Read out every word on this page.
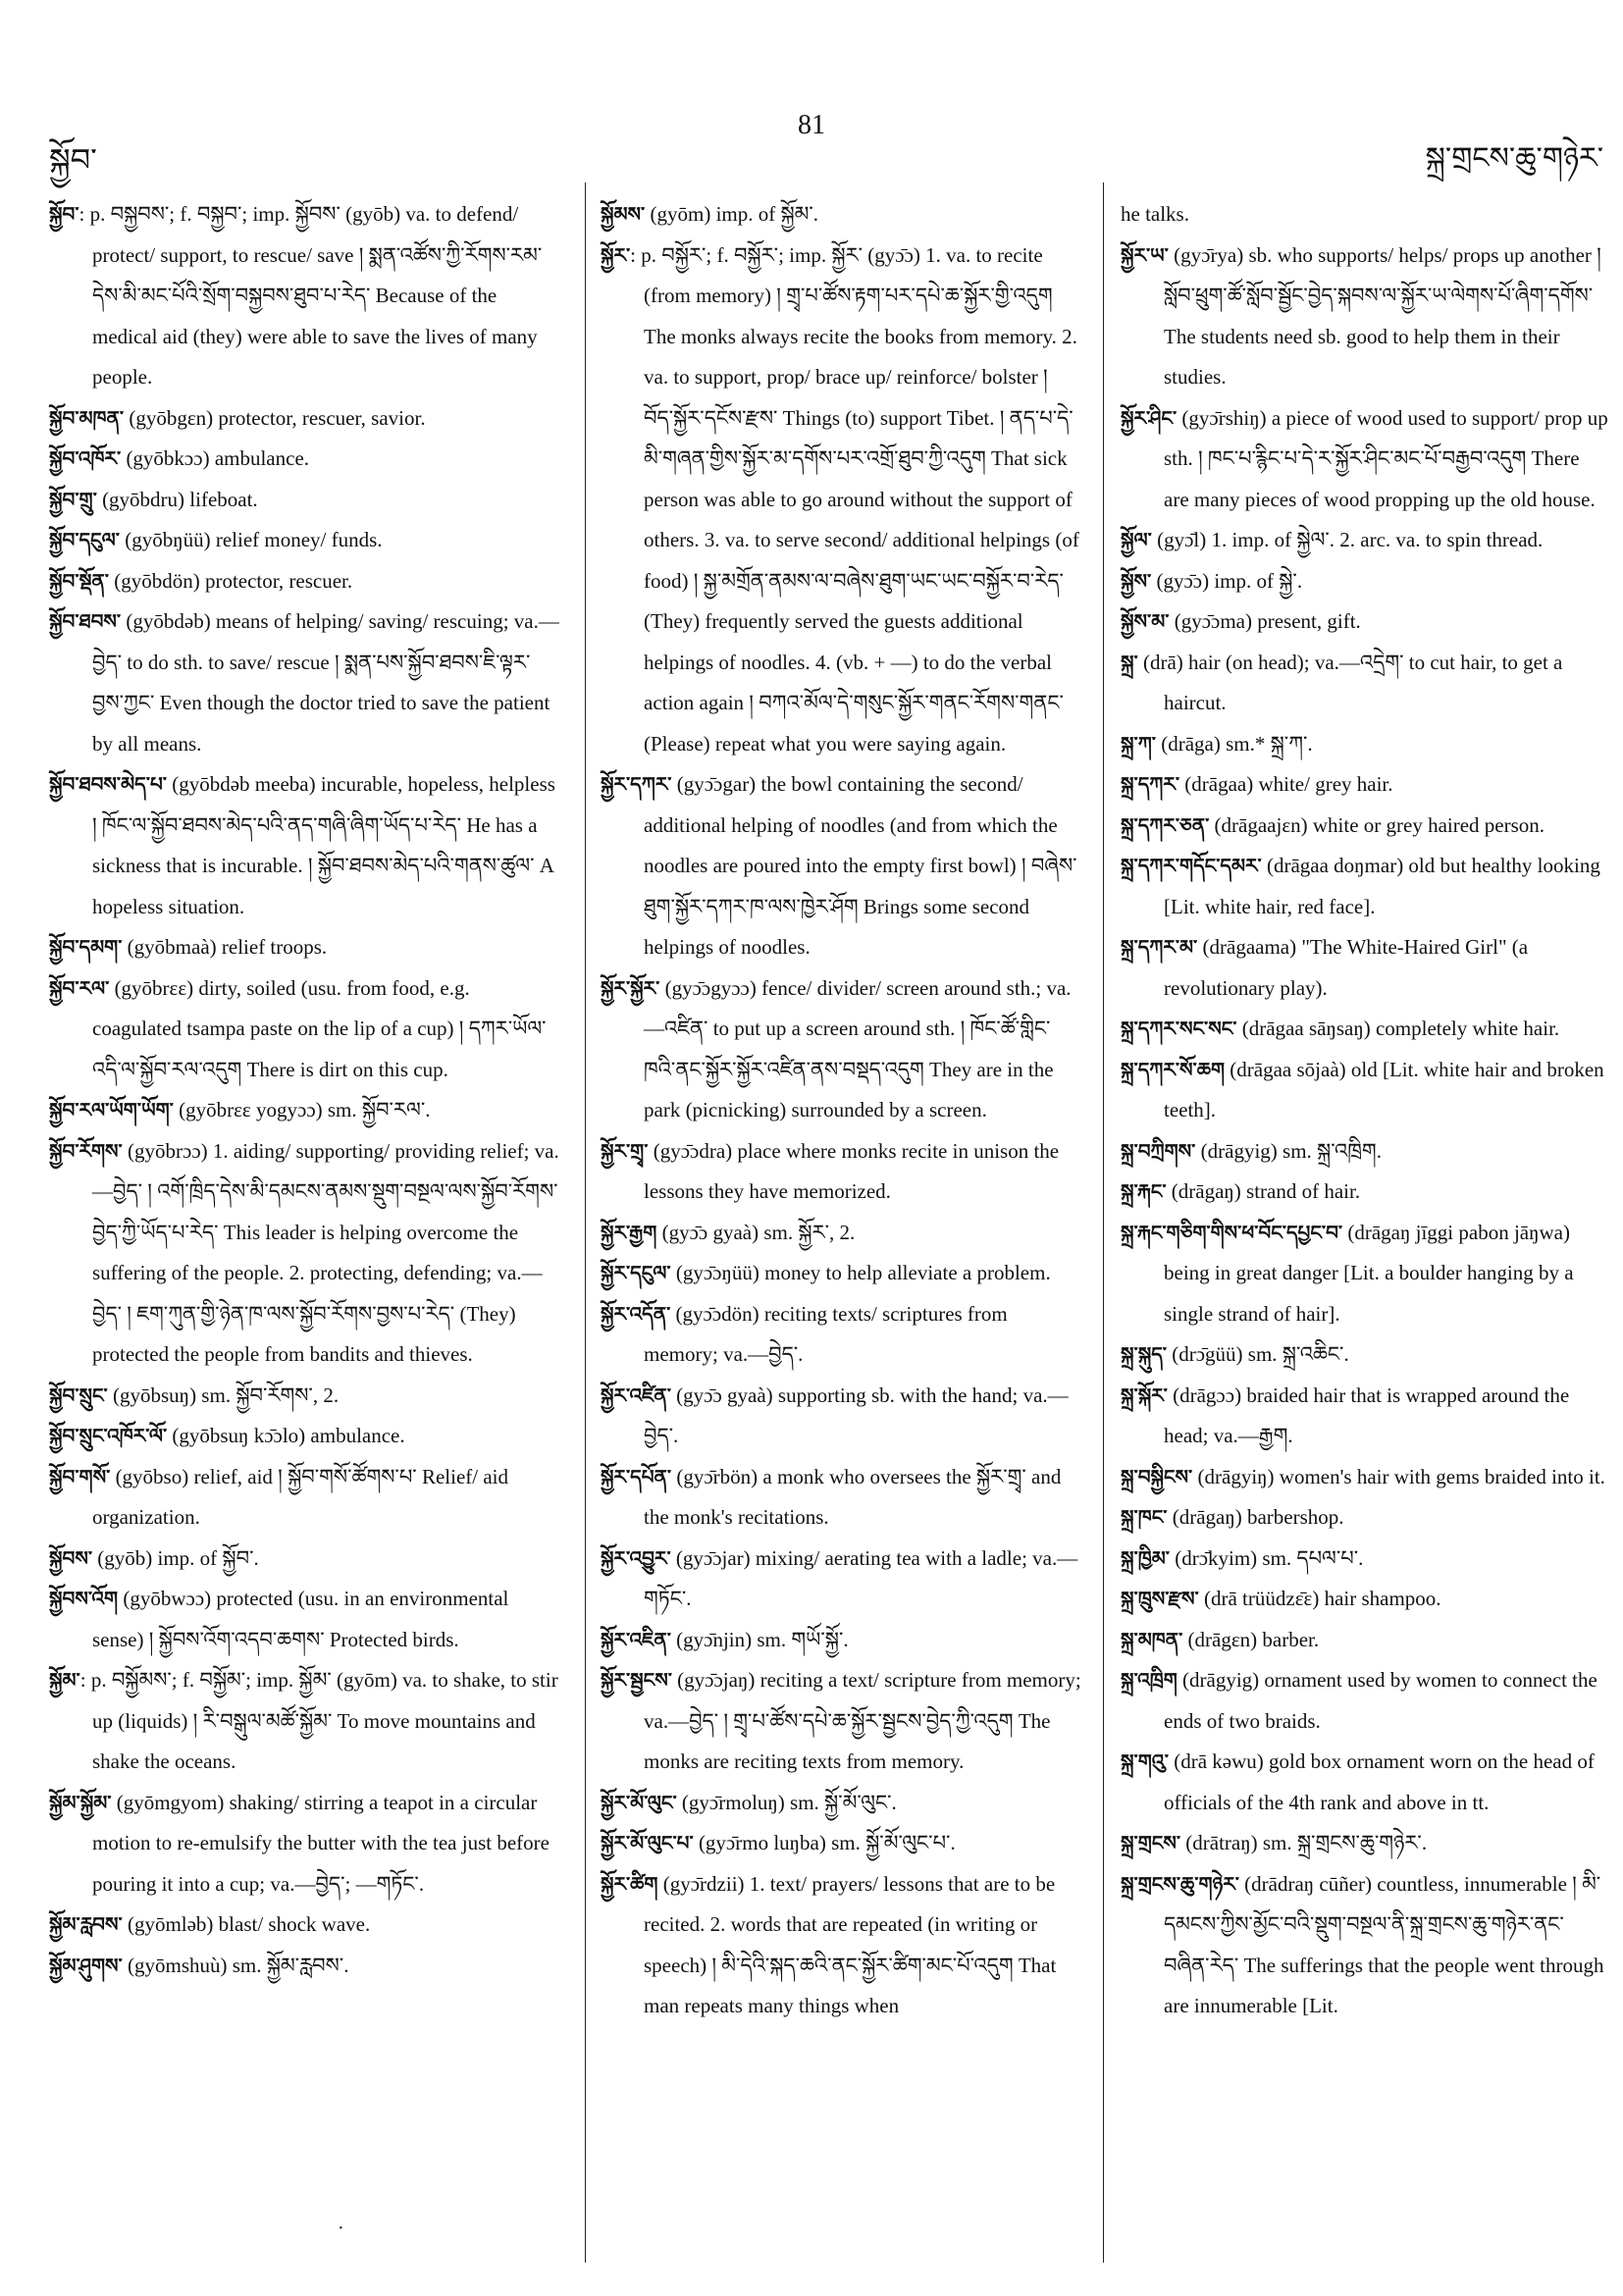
སྐྱོབ་
81
སྐྲ་གྲངས་ཆུ་གཉེར་
སྐྱོབ་: p. བསྐྱབས་; f. བསྐྱབ་; imp. སྐྱོབས་ (gyōb) va. to defend/ protect/ support, to rescue/ save ། སྨན་འཚོས་ཀྱི་རོགས་རམ་དེས་མི་མང་པོའི་སྲོག་བསྐྱབས་ཐུབ་པ་རེད་ Because of the medical aid (they) were able to save the lives of many people.
སྐྱོབ་མཁན་ (gyōbgɛn) protector, rescuer, savior.
སྐྱོབ་འཁོར་ (gyōbkɔɔ) ambulance.
སྐྱོབ་གྲུ་ (gyōbdru) lifeboat.
སྐྱོབ་དངུལ་ (gyōbŋüü) relief money/ funds.
སྐྱོབ་སྡོན་ (gyōbdön) protector, rescuer.
སྐྱོབ་ཐབས་ (gyōbdəb) means of helping/ saving/ rescuing; va.—བྱེད་ to do sth. to save/ rescue ། སྨན་པས་སྐྱོབ་ཐབས་ཇི་ལྟར་བྱས་ཀྱང་ Even though the doctor tried to save the patient by all means.
སྐྱོབ་ཐབས་མེད་པ་ (gyōbdəb meeba) incurable, hopeless, helpless ། ཁོང་ལ་སྐྱོབ་ཐབས་མེད་པའི་ནད་གཞི་ཞིག་ཡོད་པ་རེད་ He has a sickness that is incurable. ། སྐྱོབ་ཐབས་མེད་པའི་གནས་ཚུལ་ A hopeless situation.
སྐྱོབ་དམག་ (gyōbmaà) relief troops.
སྐྱོབ་རལ་ (gyōbrɛɛ) dirty, soiled (usu. from food, e.g. coagulated tsampa paste on the lip of a cup) ། དཀར་ཡོལ་འདི་ལ་སྐྱོབ་རལ་འདུག There is dirt on this cup.
སྐྱོབ་རལ་ཡོག་ཡོག་ (gyōbrɛɛ yogyɔɔ) sm. སྐྱོབ་རལ་.
སྐྱོབ་རོགས་ (gyōbrɔɔ) 1. aiding/ supporting/ providing relief; va.—བྱེད་ ། འགོ་ཁྲིད་དེས་མི་དམངས་ནམས་སྡུག་བསྔལ་ལས་སྐྱོབ་རོགས་བྱེད་ཀྱི་ཡོད་པ་རེད་ This leader is helping overcome the suffering of the people. 2. protecting, defending; va.—བྱེད་ ། ཇག་ཀུན་གྱི་ཉེན་ཁ་ལས་སྐྱོབ་རོགས་བྱས་པ་རེད་ (They) protected the people from bandits and thieves.
སྐྱོབ་སྲུང་ (gyōbsuŋ) sm. སྐྱོབ་རོགས་, 2.
སྐྱོབ་སྲུང་འཁོར་ལོ་ (gyōbsuŋ kɔ̄ɔlo) ambulance.
སྐྱོབ་གསོ་ (gyōbso) relief, aid ། སྐྱོབ་གསོ་ཚོགས་པ་ Relief/ aid organization.
སྐྱོབས་ (gyōb) imp. of སྐྱོབ་.
སྐྱོབས་འོག (gyōbwɔɔ) protected (usu. in an environmental sense) ། སྐྱོབས་འོག་འདབ་ཆགས་ Protected birds.
སྐྱོམ་: p. བསྐྱོམས་; f. བསྐྱོམ་; imp. སྐྱོམ་ (gyōm) va. to shake, to stir up (liquids) ། རི་བསྒུལ་མཚོ་སྐྱོམ་ To move mountains and shake the oceans.
སྐྱོམ་སྐྱོམ་ (gyōmgyom) shaking/ stirring a teapot in a circular motion to re-emulsify the butter with the tea just before pouring it into a cup; va.—བྱེད་; —གཏོང་.
སྐྱོམ་རླབས་ (gyōmləb) blast/ shock wave.
སྐྱོམ་ཤུགས་ (gyōmshuù) sm. སྐྱོམ་རླབས་.
སྐྱོམས་ (gyōm) imp. of སྐྱོམ་.
སྐྱོར་: p. བསྐྱོར་; f. བསྐྱོར་; imp. སྐྱོར་ (gyɔ̄ɔ) 1. va. to recite (from memory) ། གྲྭ་པ་ཚོས་རྟག་པར་དཔེ་ཆ་སྐྱོར་གྱི་འདུག The monks always recite the books from memory. 2. va. to support, prop/ brace up/ reinforce/ bolster ། བོད་སྐྱོར་དངོས་རྫས་ Things (to) support Tibet. ། ནད་པ་དེ་མི་གཞན་གྱིས་སྐྱོར་མ་དགོས་པར་འགྲོ་ཐུབ་ཀྱི་འདུག That sick person was able to go around without the support of others. 3. va. to serve second/ additional helpings (of food) ། སྐྱ་མགྲོན་ནམས་ལ་བཞེས་ཐུག་ཡང་ཡང་བསྐྱོར་བ་རེད་ (They) frequently served the guests additional helpings of noodles. 4. (vb. + —) to do the verbal action again ། བཀའ་མོལ་དེ་གསུང་སྐྱོར་གནང་རོགས་གནང་ (Please) repeat what you were saying again.
སྐྱོར་དཀར་ (gyɔ̄ɔgar) the bowl containing the second/ additional helping of noodles (and from which the noodles are poured into the empty first bowl) ། བཞེས་ཐུག་སྐྱོར་དཀར་ཁ་ལས་ཁྱེར་ཤོག Brings some second helpings of noodles.
སྐྱོར་སྐྱོར་ (gyɔ̄ɔgyɔɔ) fence/ divider/ screen around sth.; va.—འཛིན་ to put up a screen around sth. ། ཁོང་ཚོ་གླིང་ཁའི་ནང་སྐྱོར་སྐྱོར་འཛིན་ནས་བསྡད་འདུག They are in the park (picnicking) surrounded by a screen.
སྐྱོར་གྲྭ་ (gyɔ̄ɔdra) place where monks recite in unison the lessons they have memorized.
སྐྱོར་རྒྱག (gyɔ̄ɔ gyaà) sm. སྐྱོར་, 2.
སྐྱོར་དངུལ་ (gyɔ̄ɔŋüü) money to help alleviate a problem.
སྐྱོར་འདོན་ (gyɔ̄ɔdön) reciting texts/ scriptures from memory; va.—བྱེད་.
སྐྱོར་འཛིན་ (gyɔ̄ɔ gyaà) supporting sb. with the hand; va.—བྱེད་.
སྐྱོར་དཔོན་ (gyɔ̄rbön) a monk who oversees the སྐྱོར་གྲྭ་ and the monk's recitations.
སྐྱོར་འབྱུར་ (gyɔ̄ɔjar) mixing/ aerating tea with a ladle; va.—གཏོང་.
སྐྱོར་འཇིན་ (gyɔ̄njin) sm. གཡོ་སྐྱོ་.
སྐྱོར་སྦྱངས་ (gyɔ̄ɔjaŋ) reciting a text/ scripture from memory; va.—བྱེད་ ། གྲྭ་པ་ཚོས་དཔེ་ཆ་སྐྱོར་སྦྱངས་བྱེད་ཀྱི་འདུག The monks are reciting texts from memory.
སྐྱོར་མོ་ལུང་ (gyɔ̄rmoluŋ) sm. སྐྱོ་མོ་ལུང་.
སྐྱོར་མོ་ལུང་པ་ (gyɔ̄rmo luŋba) sm. སྐྱོ་མོ་ལུང་པ་.
སྐྱོར་ཚིག (gyɔ̄rdzii) 1. text/ prayers/ lessons that are to be recited. 2. words that are repeated (in writing or speech) ། མི་དེའི་སྐད་ཆའི་ནང་སྐྱོར་ཚིག་མང་པོ་འདུག That man repeats many things when
he talks.
སྐྱོར་ཡ་ (gyɔ̄rya) sb. who supports/ helps/ props up another ། སློབ་ཕྲུག་ཚོ་སློབ་སྦྱོང་བྱེད་སྐབས་ལ་སྐྱོར་ཡ་ལེགས་པོ་ཞིག་དགོས་ The students need sb. good to help them in their studies.
སྐྱོར་ཤིང་ (gyɔ̄rshiŋ) a piece of wood used to support/ prop up sth. ། ཁང་པ་རྙིང་པ་དེ་ར་སྐྱོར་ཤིང་མང་པོ་བརྒྱབ་འདུག There are many pieces of wood propping up the old house.
སྐྱོལ་ (gyɔ̄l) 1. imp. of སྐྱེལ་. 2. arc. va. to spin thread.
སྐྱོས་ (gyɔ̄ɔ) imp. of སྐྱེ་.
སྐྱོས་མ་ (gyɔ̄ɔma) present, gift.
སྐྲ་ (drā) hair (on head); va.—འདྲེག་ to cut hair, to get a haircut.
སྐྲ་ཀ་ (drāga) sm.* སྐྲ་ཀ་.
སྐྲ་དཀར་ (drāgaa) white/ grey hair.
སྐྲ་དཀར་ཅན་ (drāgaajɛn) white or grey haired person.
སྐྲ་དཀར་གདོང་དམར་ (drāgaa doŋmar) old but healthy looking [Lit. white hair, red face].
སྐྲ་དཀར་མ་ (drāgaama) "The White-Haired Girl" (a revolutionary play).
སྐྲ་དཀར་སང་སང་ (drāgaa sāŋsaŋ) completely white hair.
སྐྲ་དཀར་སོ་ཆག (drāgaa sōjaà) old [Lit. white hair and broken teeth].
སྐྲ་བཀྲིགས་ (drāgyig) sm. སྐྲ་འཁྲིག.
སྐྲ་རྐང་ (drāgaŋ) strand of hair.
སྐྲ་རྐང་གཅིག་གིས་ཕ་བོང་དཔྱང་བ་ (drāgaŋ jīggi pabon jāŋwa) being in great danger [Lit. a boulder hanging by a single strand of hair].
སྐྲ་སྐུད་ (drɔ̄güü) sm. སྐྲ་འཆིང་.
སྐྲ་སྐོར་ (drāgɔɔ) braided hair that is wrapped around the head; va.—རྒྱག.
སྐྲ་བསྐྱིངས་ (drāgyiŋ) women's hair with gems braided into it.
སྐྲ་ཁང་ (drāgaŋ) barbershop.
སྐྲ་ཁྱིམ་ (drɔ̄kyim) sm. དཔལ་པ་.
སྐྲ་ཁྲུས་རྫས་ (drā trüüdzɛ̄ɛ) hair shampoo.
སྐྲ་མཁན་ (drāgɛn) barber.
སྐྲ་འཁྲིག (drāgyig) ornament used by women to connect the ends of two braids.
སྐྲ་གའུ་ (drā kəwu) gold box ornament worn on the head of officials of the 4th rank and above in tt.
སྐྲ་གྲངས་ (drātraŋ) sm. སྐྲ་གྲངས་ཆུ་གཉེར་.
སྐྲ་གྲངས་ཆུ་གཉེར་ (drādraŋ cūñer) countless, innumerable ། མི་དམངས་ཀྱིས་མྱོང་བའི་སྡུག་བསྔལ་ནི་སྐྲ་གྲངས་ཆུ་གཉེར་ནང་བཞིན་རེད་ The sufferings that the people went through are innumerable [Lit.
·
